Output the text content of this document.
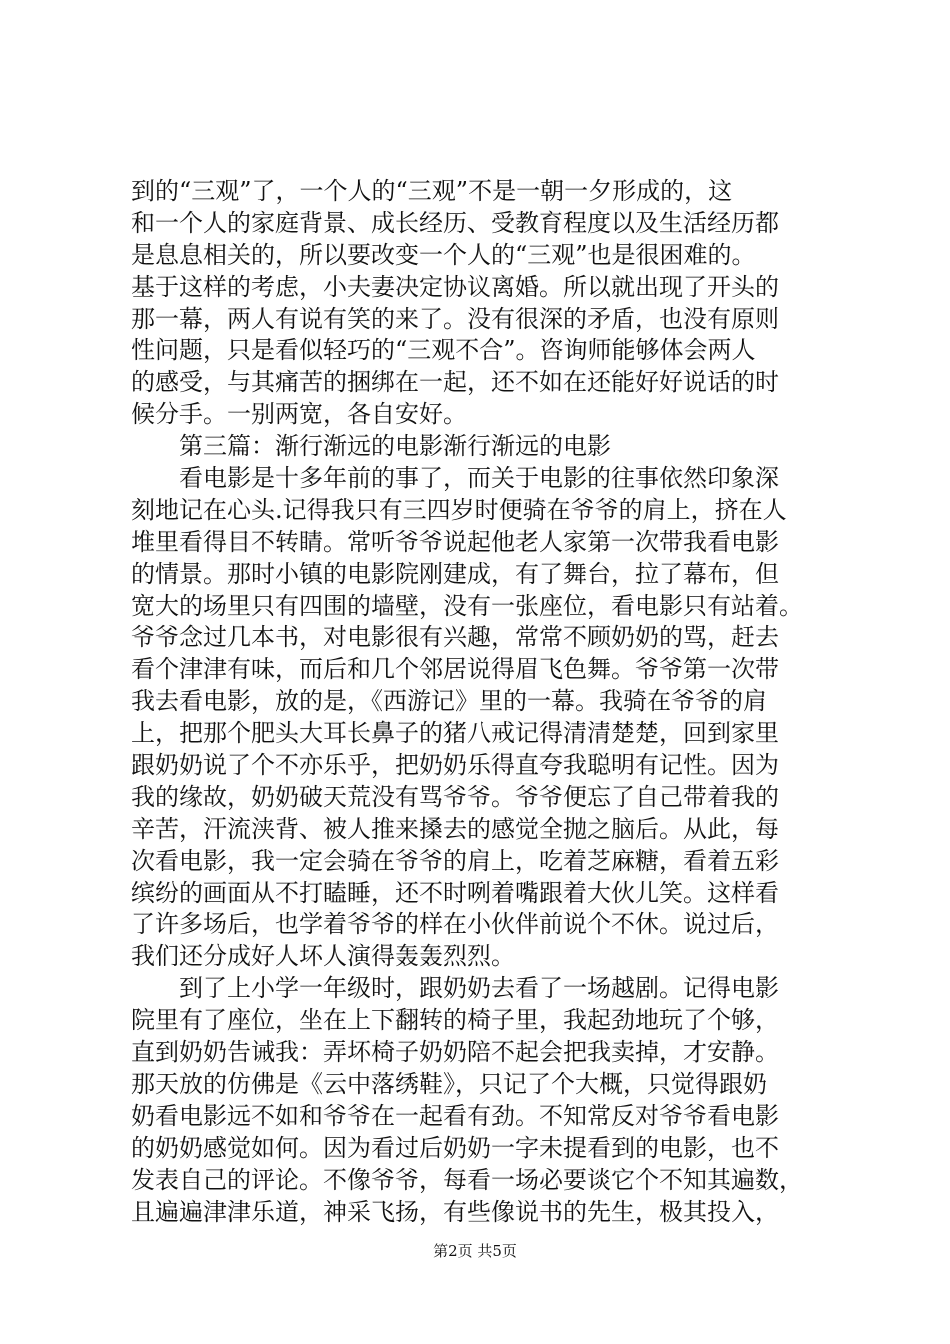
到的“三观”了，一个人的“三观”不是一朝一夕形成的，这
和一个人的家庭背景、成长经历、受教育程度以及生活经历都
是息息相关的，所以要改变一个人的“三观”也是很困难的。
基于这样的考虑，小夫妻决定协议离婚。所以就出现了开头的
那一幕，两人有说有笑的来了。没有很深的矛盾，也没有原则
性问题，只是看似轻巧的“三观不合”。咨询师能够体会两人
的感受，与其痛苦的捆绑在一起，还不如在还能好好说话的时
候分手。一别两宽，各自安好。
　　第三篇：渐行渐远的电影渐行渐远的电影
　　看电影是十多年前的事了，而关于电影的往事依然印象深
刻地记在心头.记得我只有三四岁时便骑在爷爷的肩上，挤在人
堆里看得目不转睛。常听爷爷说起他老人家第一次带我看电影
的情景。那时小镇的电影院刚建成，有了舞台，拉了幕布，但
宽大的场里只有四围的墙壁，没有一张座位，看电影只有站着。
爷爷念过几本书，对电影很有兴趣，常常不顾奶奶的骂，赶去
看个津津有味，而后和几个邻居说得眉飞色舞。爷爷第一次带
我去看电影，放的是，《西游记》里的一幕。我骑在爷爷的肩
上，把那个肥头大耳长鼻子的猪八戒记得清清楚楚，回到家里
跟奶奶说了个不亦乐乎，把奶奶乐得直夸我聪明有记性。因为
我的缘故，奶奶破天荒没有骂爷爷。爷爷便忘了自己带着我的
辛苦，汗流浃背、被人推来搡去的感觉全抛之脑后。从此，每
次看电影，我一定会骑在爷爷的肩上，吃着芝麻糖，看着五彩
缤纷的画面从不打瞌睡，还不时咧着嘴跟着大伙儿笑。这样看
了许多场后，也学着爷爷的样在小伙伴前说个不休。说过后，
我们还分成好人坏人演得轰轰烈烈。
　　到了上小学一年级时，跟奶奶去看了一场越剧。记得电影
院里有了座位，坐在上下翻转的椅子里，我起劲地玩了个够，
直到奶奶告诫我：弄坏椅子奶奶陪不起会把我卖掉，才安静。
那天放的仿佛是《云中落绣鞋》，只记了个大概，只觉得跟奶
奶看电影远不如和爷爷在一起看有劲。不知常反对爷爷看电影
的奶奶感觉如何。因为看过后奶奶一字未提看到的电影，也不
发表自己的评论。不像爷爷，每看一场必要谈它个不知其遍数，
且遍遍津津乐道，神采飞扬，有些像说书的先生，极其投入，
第2页 共5页
